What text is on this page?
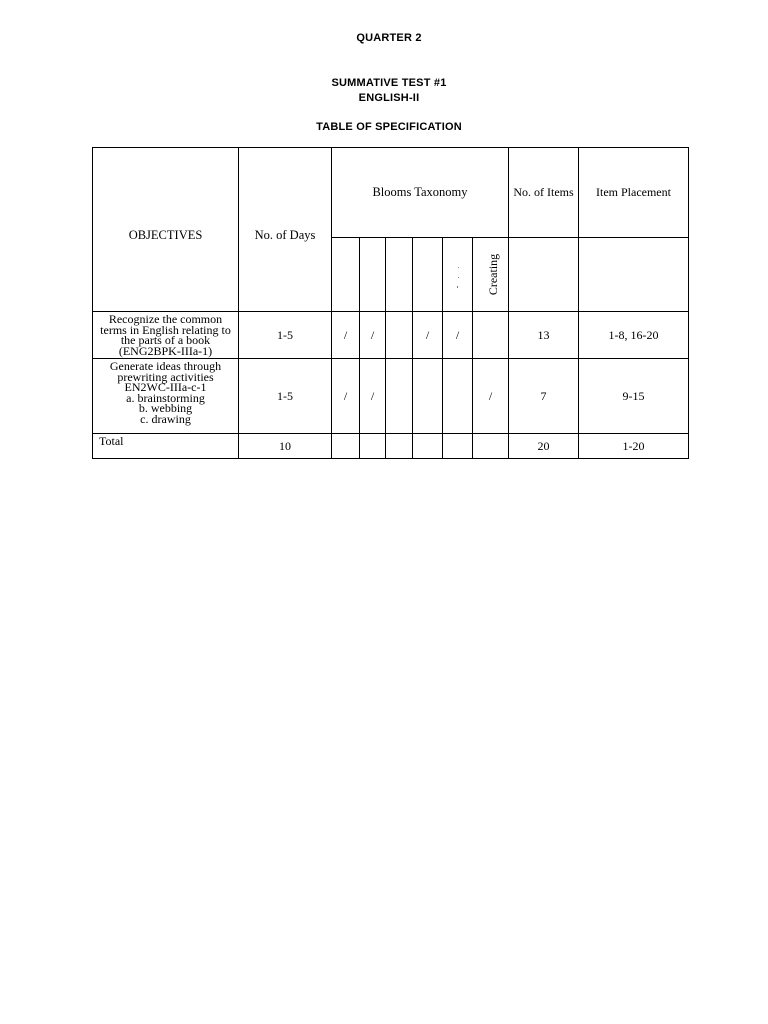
QUARTER 2
SUMMATIVE TEST #1
ENGLISH-II
TABLE OF SPECIFICATION
OBJECTIVES	No. of Days	Blooms Taxonomy						No. of Items	Item Placement
						- . .	Creating		
Recognize the common terms in English relating to the parts of a book (ENG2BPK-IIIa-1)	1-5	/	/		/	/		13	1-8, 16-20

Generate ideas through prewriting activities EN2WC-IIIa-c-1
a. brainstorming
b. webbing
c. drawing	1-5	/	/				/	7	9-15
Total	10							20	1-20
